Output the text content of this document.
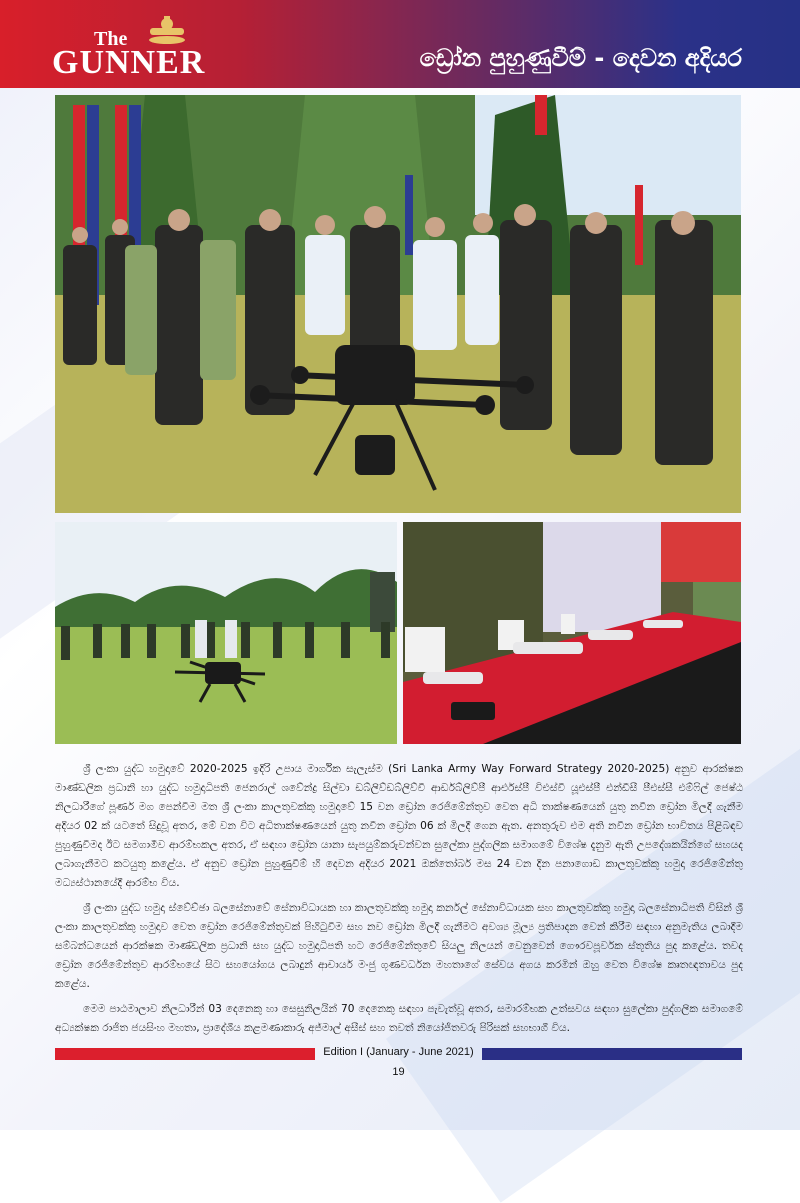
The
GUNNER	ඩ්‍රෝන පුහුණුවීම් - දෙවන අදියර

ශ්‍රී ලංකා යුද්ධ හමුදාවේ 2020-2025 ඉදිරි උපාය මාර්ගික සැලැස්ම (Sri Lanka Army Way Forward Strategy 2020-2025) අනුව ආරක්ෂක මාණ්ඩලික ප්‍රධානි හා යුද්ධ හමුදාධිපති ජෙනරාල් ශවේන්ද්‍ර සිල්වා ඩබ්ලිව්ඩබ්ලිව්වී ආර්ඩබ්ලිව්පී ආර්එස්පී විඑස්වී යූඑස්පී එන්ඩීසී පීඑස්සී එම්ෆිල් ජෙෂ්ඨ නිලධාරීගේ පූර්ණ මග පෙන්වීම මත ශ්‍රී ලංකා කාලතුවක්කු හමුදාවේ 15 වන ඩ්‍රෝන රෙජිමේන්තුව වෙත අධි තාක්ෂණයෙන් යුතු නවීන ඩ්‍රෝන මිලදී ගැනීම අදියර 02 ක් යටතේ සිදුවූ අතර, මේ වන විට අධිතාක්ෂණයෙන් යුතු නවීන ඩ්‍රෝන 06 ක් මිලදී ගෙන ඇත. අනතුරුව එම අති නවීන ඩ්‍රෝන භාවිතය පිළිබඳව පුහුණුවීමද ඊට සමගාමීව ආරම්භකල අතර, ඒ සඳහා ඩ්‍රෝන යානා සැපයුම්කරුවන්වන සුලේකා පුද්ගලික සමාගමේ විශේෂ දැනුම ඇති උපදේශකයින්ගේ සහයද ලබාගැනීමට කටයුතු කළේය. ඒ අනුව ඩ්‍රෝන පුහුණුවීම් හි දෙවන අදියර 2021 ඔක්තෝබර් මස 24 වන දින පනාගොඩ කාලතුවක්කු හමුදා රෙජිමේන්තු මධ්‍යස්ථානයේදී ආරම්භ විය.

ශ්‍රී ලංකා යුද්ධ හමුදා ස්වේච්ඡා බලසේනාවේ සේනාවිධායක හා කාලතුවක්කු හමුදා කර්නල් සේනාවිධායක සහ කාලතුවක්කු හමුදා බලසේනාධිපති විසින් ශ්‍රී ලංකා කාලතුවක්කු හමුදාව වෙත ඩ්‍රෝන රෙජිමේන්තුවක් පිහිටුවීම සහ නව ඩ්‍රෝන මිලදී ගැනීමට අවශ්‍ය මූල්‍ය ප්‍රතිපාදන වෙන් කිරීම සඳහා අනුමැතිය ලබාදීම සම්බන්ධයෙන් ආරක්ෂක මාණ්ඩලික ප්‍රධානි සහ යුද්ධ හමුදාධිපති හට රෙජිමේන්තුවේ සියලු නිලයන් වෙනුවෙන් ගෞරවපූර්වක ස්තූතිය පුද කළේය. තවද ඩ්‍රෝන රෙජිමේන්තුව ආරම්භයේ සිට සහයෝගය ලබාදුන් ආචාර්ය මංජු ගුණවර්ධන මහතාගේ සේවය අගය කරමින් ඔහු වෙත විශේෂ කෘතඥතාවය පුද කළේය.

මෙම පාඨමාලාව නිලධාරීන් 03 දෙනෙකු හා සෙසුනිලයින් 70 දෙනෙකු සඳහා පැවැත්වූ අතර, සමාරම්භක උත්සවය සඳහා සුලේකා පුද්ගලික සමාගමේ අධ්‍යක්ෂක රාජිත ජයසිංහ මහතා, ප්‍රාදේශීය කළමණාකාරු අජ්මාල් අසීස් සහ තවත් නියෝජිතවරු පිරිසක් සහභාගී විය.

Edition I (January - June 2021)
19
